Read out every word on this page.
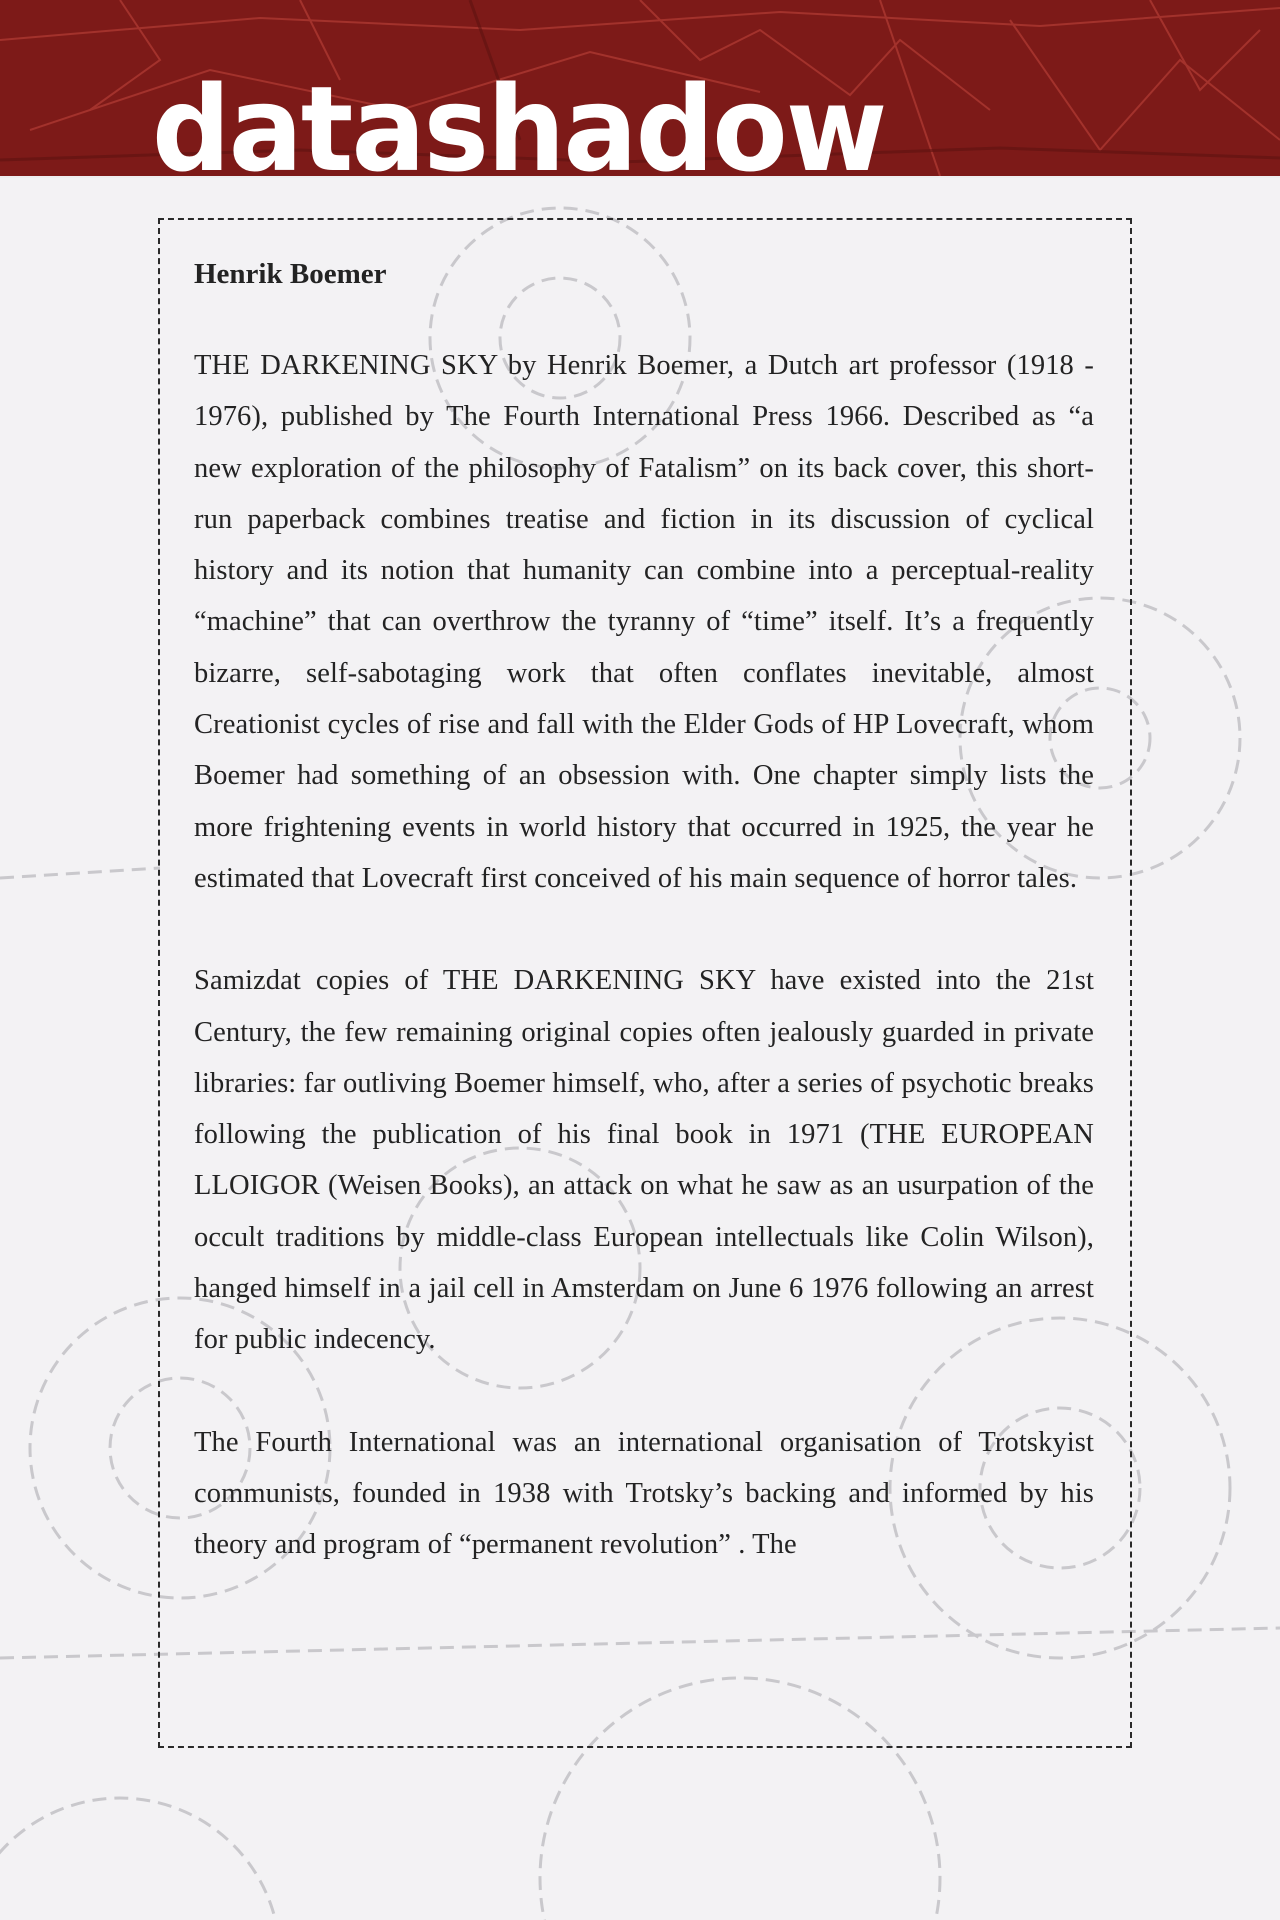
datashadow
Henrik Boemer

THE DARKENING SKY by Henrik Boemer, a Dutch art professor (1918 - 1976), published by The Fourth International Press 1966. Described as “a new exploration of the philosophy of Fatalism” on its back cover, this short-run paperback combines treatise and fiction in its discussion of cyclical history and its notion that humanity can combine into a perceptual-reality “machine” that can overthrow the tyranny of “time” itself. It’s a frequently bizarre, self-sabotaging work that often conflates inevitable, almost Creationist cycles of rise and fall with the Elder Gods of HP Lovecraft, whom Boemer had something of an obsession with. One chapter simply lists the more frightening events in world history that occurred in 1925, the year he estimated that Lovecraft first conceived of his main sequence of horror tales.

Samizdat copies of THE DARKENING SKY have existed into the 21st Century, the few remaining original copies often jealously guarded in private libraries: far outliving Boemer himself, who, after a series of psychotic breaks following the publication of his final book in 1971 (THE EUROPEAN LLOIGOR (Weisen Books), an attack on what he saw as an usurpation of the occult traditions by middle-class European intellectuals like Colin Wilson), hanged himself in a jail cell in Amsterdam on June 6 1976 following an arrest for public indecency.

The Fourth International was an international organisation of Trotskyist communists, founded in 1938 with Trotsky’s backing and informed by his theory and program of “permanent revolution” . The
